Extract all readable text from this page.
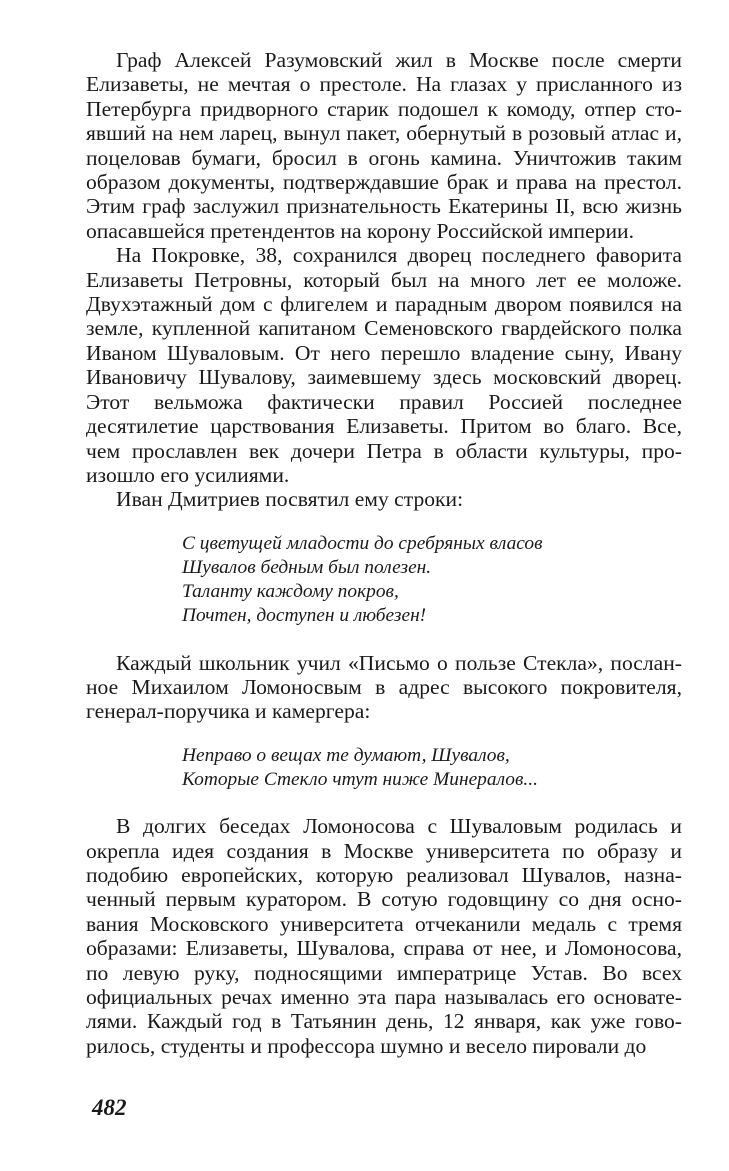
Граф Алексей Разумовский жил в Москве после смерти Елизаветы, не мечтая о престоле. На глазах у присланного из Петербурга придворного старик подошел к комоду, отпер стоявший на нем ларец, вынул пакет, обернутый в розовый атлас и, поцеловав бумаги, бросил в огонь камина. Уничтожив таким образом документы, подтверждавшие брак и права на престол. Этим граф заслужил признательность Екатерины II, всю жизнь опасавшейся претендентов на корону Российской империи.

На Покровке, 38, сохранился дворец последнего фаворита Елизаветы Петровны, который был на много лет ее моложе. Двухэтажный дом с флигелем и парадным двором появился на земле, купленной капитаном Семеновского гвардейского полка Иваном Шуваловым. От него перешло владение сыну, Ивану Ивановичу Шувалову, заимевшему здесь московский дворец. Этот вельможа фактически правил Россией последнее десятилетие царствования Елизаветы. Притом во благо. Все, чем прославлен век дочери Петра в области культуры, произошло его усилиями.

Иван Дмитриев посвятил ему строки:

С цветущей младости до сребряных власов
Шувалов бедным был полезен.
Таланту каждому покров,
Почтен, доступен и любезен!

Каждый школьник учил «Письмо о пользе Стекла», посланное Михаилом Ломоносвым в адрес высокого покровителя, генерал-поручика и камергера:

Неправо о вещах те думают, Шувалов,
Которые Стекло чтут ниже Минералов...

В долгих беседах Ломоносова с Шуваловым родилась и окрепла идея создания в Москве университета по образу и подобию европейских, которую реализовал Шувалов, назначенный первым куратором. В сотую годовщину со дня основания Московского университета отчеканили медаль с тремя образами: Елизаветы, Шувалова, справа от нее, и Ломоносова, по левую руку, подносящими императрице Устав. Во всех официальных речах именно эта пара называлась его основателями. Каждый год в Татьянин день, 12 января, как уже говорилось, студенты и профессора шумно и весело пировали до

482
